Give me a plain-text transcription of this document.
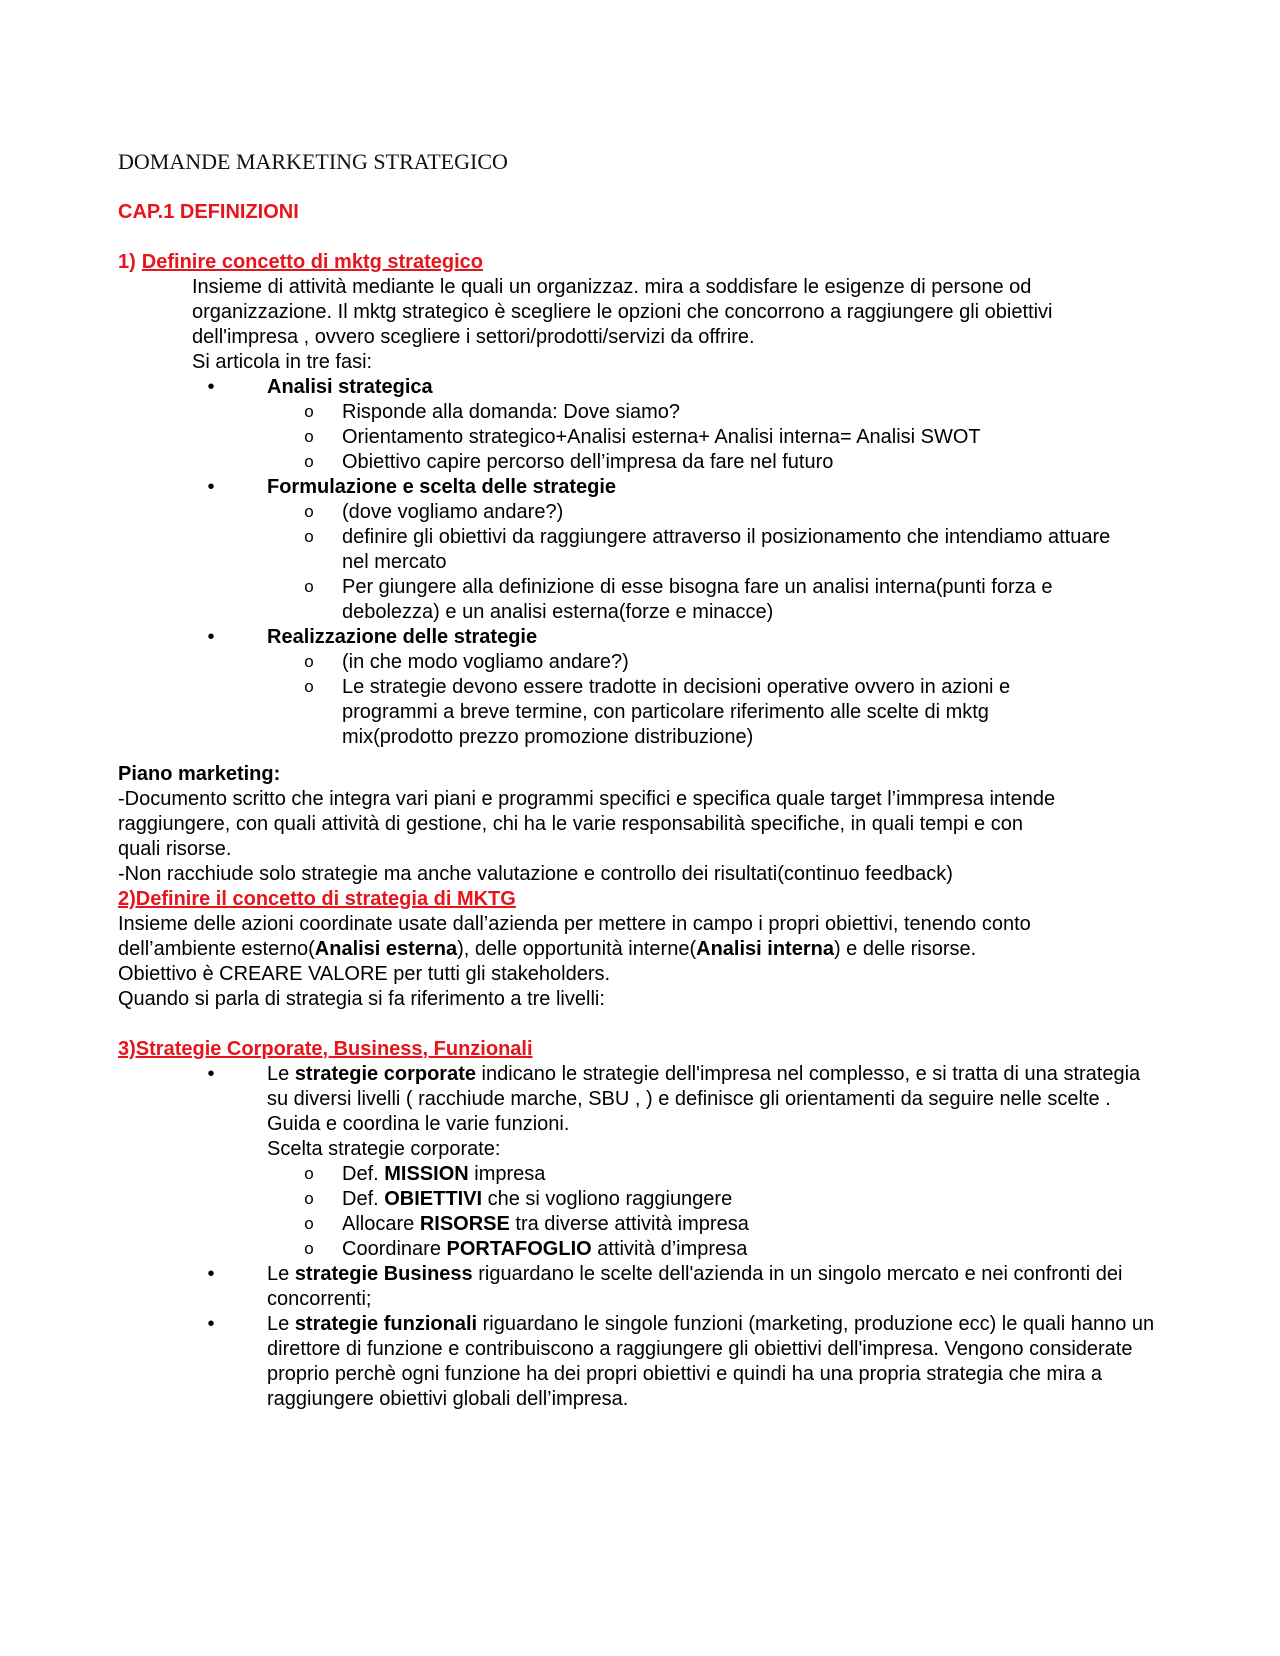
DOMANDE MARKETING STRATEGICO
CAP.1 DEFINIZIONI
1) Definire concetto di mktg strategico
Insieme di attività mediante le quali un organizzaz. mira a soddisfare le esigenze di persone od
organizzazione. Il mktg strategico è scegliere le opzioni che concorrono a raggiungere gli obiettivi
dell'impresa , ovvero scegliere i settori/prodotti/servizi da offrire.
Si articola in tre fasi:
• Analisi strategica
o Risponde alla domanda: Dove siamo?
o Orientamento strategico+Analisi esterna+ Analisi interna= Analisi SWOT
o Obiettivo capire percorso dell’impresa da fare nel futuro
• Formulazione e scelta delle strategie
o (dove vogliamo andare?)
o definire gli obiettivi da raggiungere attraverso il posizionamento che intendiamo attuare nel mercato
o Per giungere alla definizione di esse bisogna fare un analisi interna(punti forza e debolezza) e un analisi esterna(forze e minacce)
• Realizzazione delle strategie
o (in che modo vogliamo andare?)
o Le strategie devono essere tradotte in decisioni operative ovvero in azioni e programmi a breve termine, con particolare riferimento alle scelte di mktg mix(prodotto prezzo promozione distribuzione)
Piano marketing:
-Documento scritto che integra vari piani e programmi specifici e specifica quale target l’immpresa intende
raggiungere, con quali attività di gestione, chi ha le varie responsabilità specifiche, in quali tempi e con
quali risorse.
-Non racchiude solo strategie ma anche valutazione e controllo dei risultati(continuo feedback)
2)Definire il concetto di strategia di MKTG
Insieme delle azioni coordinate usate dall’azienda per mettere in campo i propri obiettivi, tenendo conto
dell’ambiente esterno(Analisi esterna), delle opportunità interne(Analisi interna) e delle risorse.
Obiettivo è CREARE VALORE per tutti gli stakeholders.
Quando si parla di strategia si fa riferimento a tre livelli:
3)Strategie Corporate, Business, Funzionali
• Le strategie corporate indicano le strategie dell'impresa nel complesso, e si tratta di una strategia su diversi livelli ( racchiude marche, SBU , ) e definisce gli orientamenti da seguire nelle scelte . Guida e coordina le varie funzioni.
Scelta strategie corporate:
o Def. MISSION impresa
o Def. OBIETTIVI che si vogliono raggiungere
o Allocare RISORSE tra diverse attività impresa
o Coordinare PORTAFOGLIO attività d’impresa
• Le strategie Business riguardano le scelte dell'azienda in un singolo mercato e nei confronti dei concorrenti;
• Le strategie funzionali riguardano le singole funzioni (marketing, produzione ecc) le quali hanno un direttore di funzione e contribuiscono a raggiungere gli obiettivi dell'impresa. Vengono considerate proprio perchè ogni funzione ha dei propri obiettivi e quindi ha una propria strategia che mira a raggiungere obiettivi globali dell’impresa.
